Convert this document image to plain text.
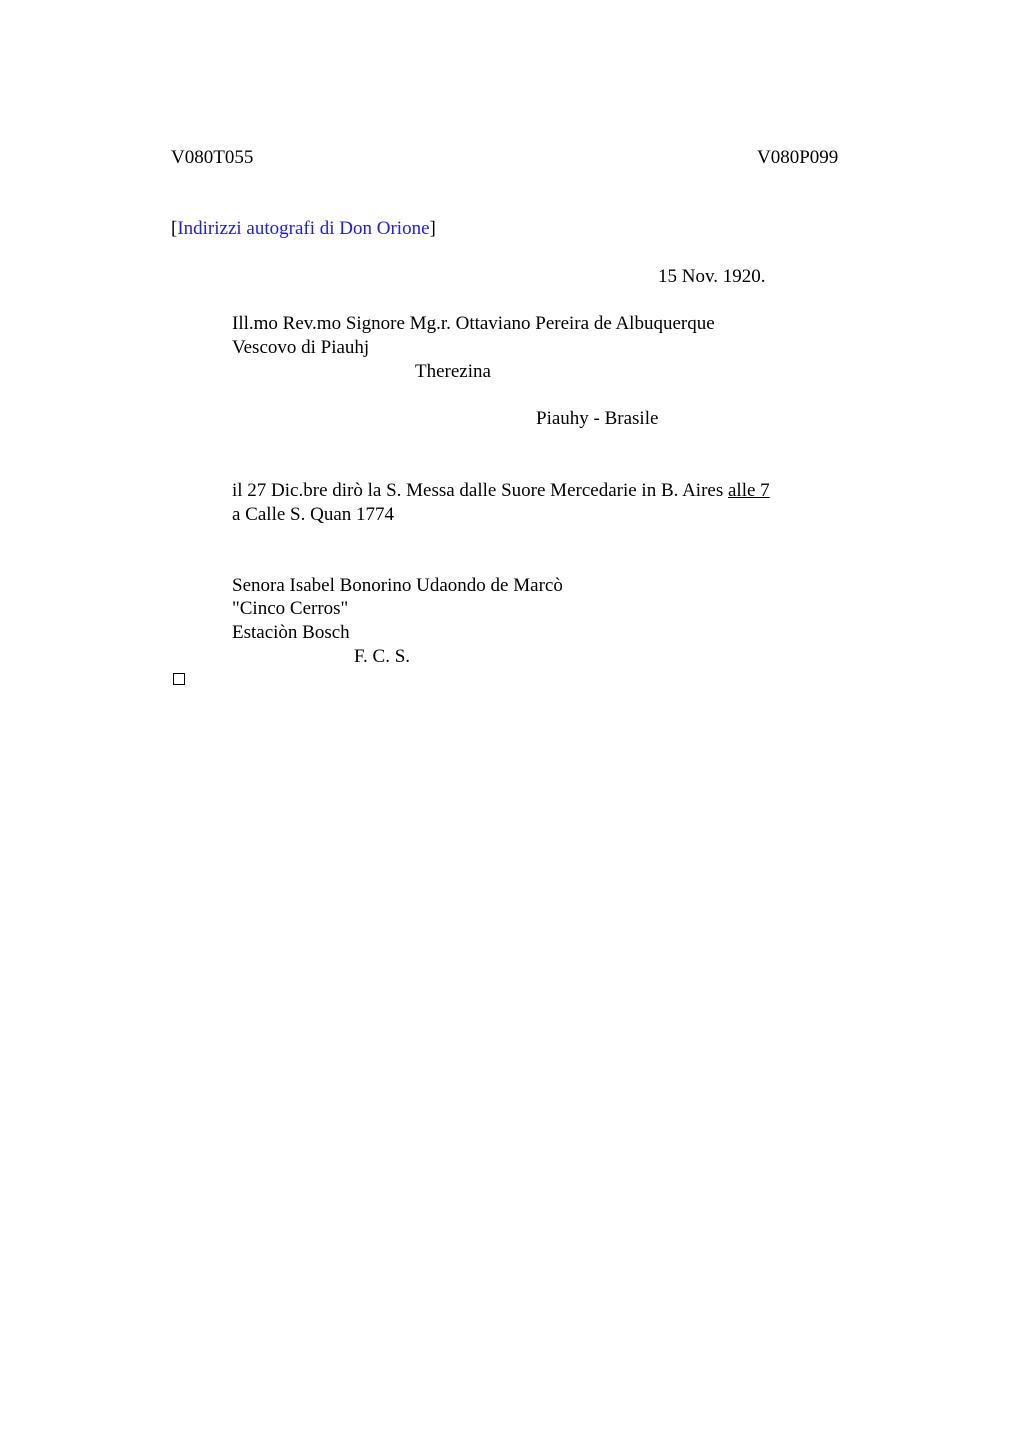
V080T055	V080P099
[Indirizzi autografi di Don Orione]
15 Nov. 1920.
Ill.mo Rev.mo Signore Mg.r. Ottaviano Pereira de Albuquerque
Vescovo di Piauhj
Therezina
Piauhy - Brasile
il 27 Dic.bre dirò la S. Messa dalle Suore Mercedarie in B. Aires alle 7
a Calle S. Quan 1774
Senora Isabel Bonorino Udaondo de Marcò
"Cinco Cerros"
Estaciòn Bosch
F. C. S.
